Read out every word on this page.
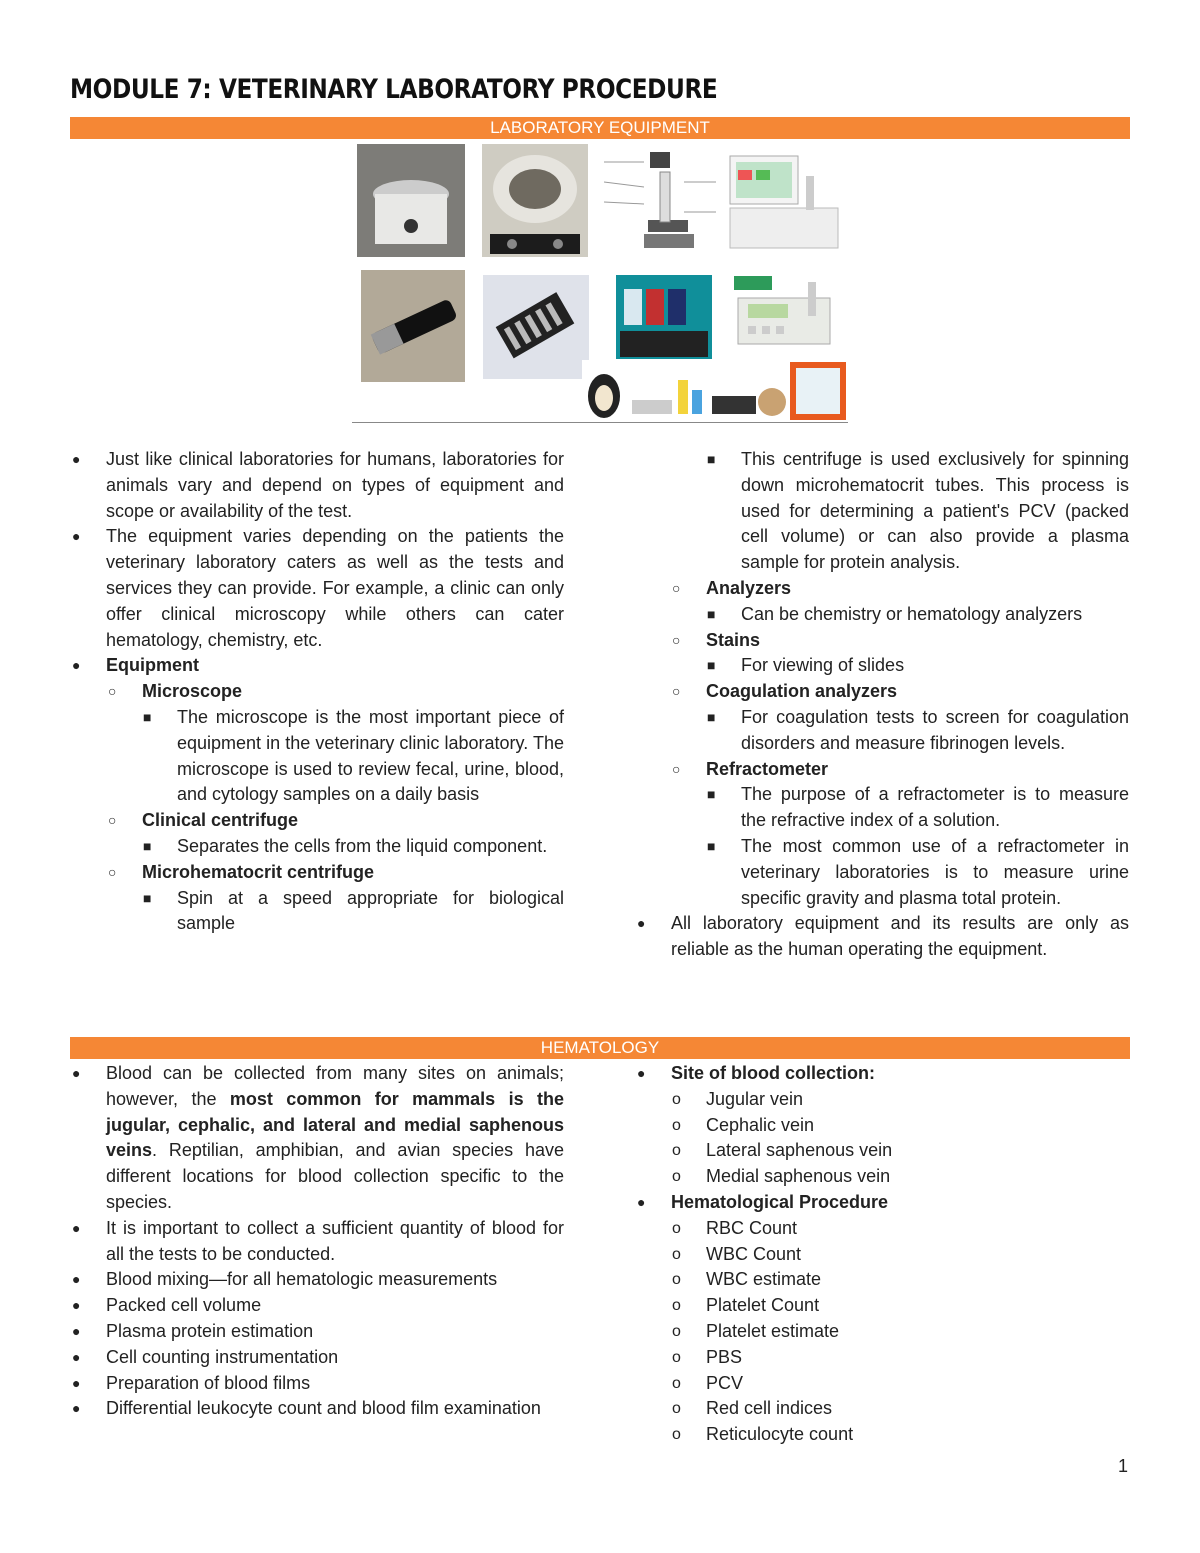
MODULE 7: VETERINARY LABORATORY PROCEDURE
LABORATORY EQUIPMENT
● Just like clinical laboratories for humans, laboratories for animals vary and depend on types of equipment and scope or availability of the test.
● The equipment varies depending on the patients the veterinary laboratory caters as well as the tests and services they can provide. For example, a clinic can only offer clinical microscopy while others can cater hematology, chemistry, etc.
● Equipment
○ Microscope
■ The microscope is the most important piece of equipment in the veterinary clinic laboratory. The microscope is used to review fecal, urine, blood, and cytology samples on a daily basis
○ Clinical centrifuge
■ Separates the cells from the liquid component.
○ Microhematocrit centrifuge
■ Spin at a speed appropriate for biological sample
■ This centrifuge is used exclusively for spinning down microhematocrit tubes. This process is used for determining a patient's PCV (packed cell volume) or can also provide a plasma sample for protein analysis.
○ Analyzers
■ Can be chemistry or hematology analyzers
○ Stains
■ For viewing of slides
○ Coagulation analyzers
■ For coagulation tests to screen for coagulation disorders and measure fibrinogen levels.
○ Refractometer
■ The purpose of a refractometer is to measure the refractive index of a solution.
■ The most common use of a refractometer in veterinary laboratories is to measure urine specific gravity and plasma total protein.
● All laboratory equipment and its results are only as reliable as the human operating the equipment.
HEMATOLOGY
● Blood can be collected from many sites on animals; however, the most common for mammals is the jugular, cephalic, and lateral and medial saphenous veins. Reptilian, amphibian, and avian species have different locations for blood collection specific to the species.
● It is important to collect a sufficient quantity of blood for all the tests to be conducted.
● Blood mixing—for all hematologic measurements
● Packed cell volume
● Plasma protein estimation
● Cell counting instrumentation
● Preparation of blood films
● Differential leukocyte count and blood film examination
● Site of blood collection:
o Jugular vein
o Cephalic vein
o Lateral saphenous vein
o Medial saphenous vein
● Hematological Procedure
o RBC Count
o WBC Count
o WBC estimate
o Platelet Count
o Platelet estimate
o PBS
o PCV
o Red cell indices
o Reticulocyte count
1
